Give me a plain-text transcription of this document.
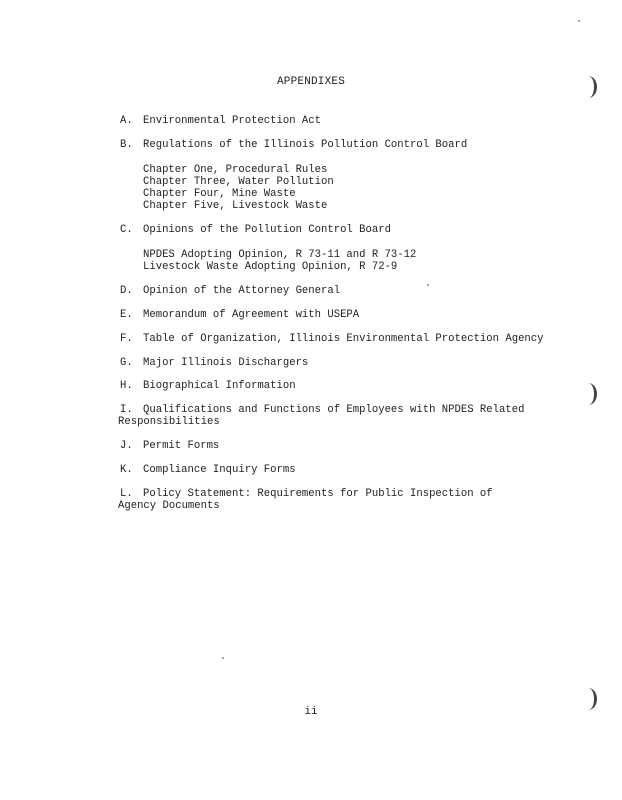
APPENDIXES
A. Environmental Protection Act
B. Regulations of the Illinois Pollution Control Board
Chapter One, Procedural Rules
Chapter Three, Water Pollution
Chapter Four, Mine Waste
Chapter Five, Livestock Waste
C. Opinions of the Pollution Control Board
NPDES Adopting Opinion, R 73-11 and R 73-12
Livestock Waste Adopting Opinion, R 72-9
D. Opinion of the Attorney General
E. Memorandum of Agreement with USEPA
F. Table of Organization, Illinois Environmental Protection Agency
G. Major Illinois Dischargers
H. Biographical Information
I. Qualifications and Functions of Employees with NPDES Related
Responsibilities
J. Permit Forms
K. Compliance Inquiry Forms
L. Policy Statement: Requirements for Public Inspection of
Agency Documents
ii
